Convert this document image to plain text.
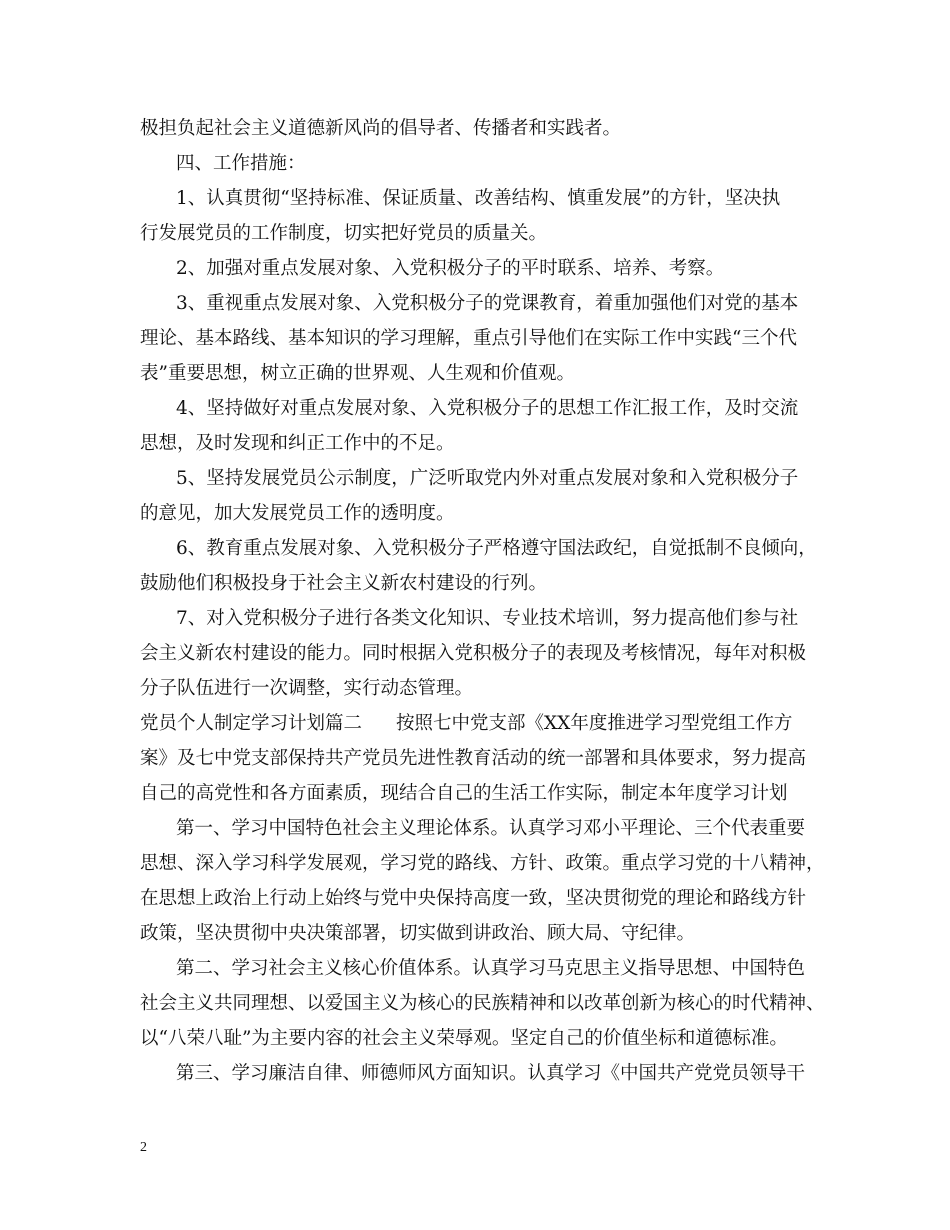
极担负起社会主义道德新风尚的倡导者、传播者和实践者。
四、工作措施：
1、认真贯彻“坚持标准、保证质量、改善结构、慎重发展”的方针，坚决执
行发展党员的工作制度，切实把好党员的质量关。
2、加强对重点发展对象、入党积极分子的平时联系、培养、考察。
3、重视重点发展对象、入党积极分子的党课教育，着重加强他们对党的基本
理论、基本路线、基本知识的学习理解，重点引导他们在实际工作中实践“三个代
表”重要思想，树立正确的世界观、人生观和价值观。
4、坚持做好对重点发展对象、入党积极分子的思想工作汇报工作，及时交流
思想，及时发现和纠正工作中的不足。
5、坚持发展党员公示制度，广泛听取党内外对重点发展对象和入党积极分子
的意见，加大发展党员工作的透明度。
6、教育重点发展对象、入党积极分子严格遵守国法政纪，自觉抵制不良倾向，
鼓励他们积极投身于社会主义新农村建设的行列。
7、对入党积极分子进行各类文化知识、专业技术培训，努力提高他们参与社
会主义新农村建设的能力。同时根据入党积极分子的表现及考核情况，每年对积极
分子队伍进行一次调整，实行动态管理。
党员个人制定学习计划篇二 按照七中党支部《XX年度推进学习型党组工作方
案》及七中党支部保持共产党员先进性教育活动的统一部署和具体要求，努力提高
自己的高党性和各方面素质，现结合自己的生活工作实际，制定本年度学习计划
第一、学习中国特色社会主义理论体系。认真学习邓小平理论、三个代表重要
思想、深入学习科学发展观，学习党的路线、方针、政策。重点学习党的十八精神，
在思想上政治上行动上始终与党中央保持高度一致，坚决贯彻党的理论和路线方针
政策，坚决贯彻中央决策部署，切实做到讲政治、顾大局、守纪律。
第二、学习社会主义核心价值体系。认真学习马克思主义指导思想、中国特色
社会主义共同理想、以爱国主义为核心的民族精神和以改革创新为核心的时代精神、
以“八荣八耻”为主要内容的社会主义荣辱观。坚定自己的价值坐标和道德标准。
第三、学习廉洁自律、师德师风方面知识。认真学习《中国共产党党员领导干
2
